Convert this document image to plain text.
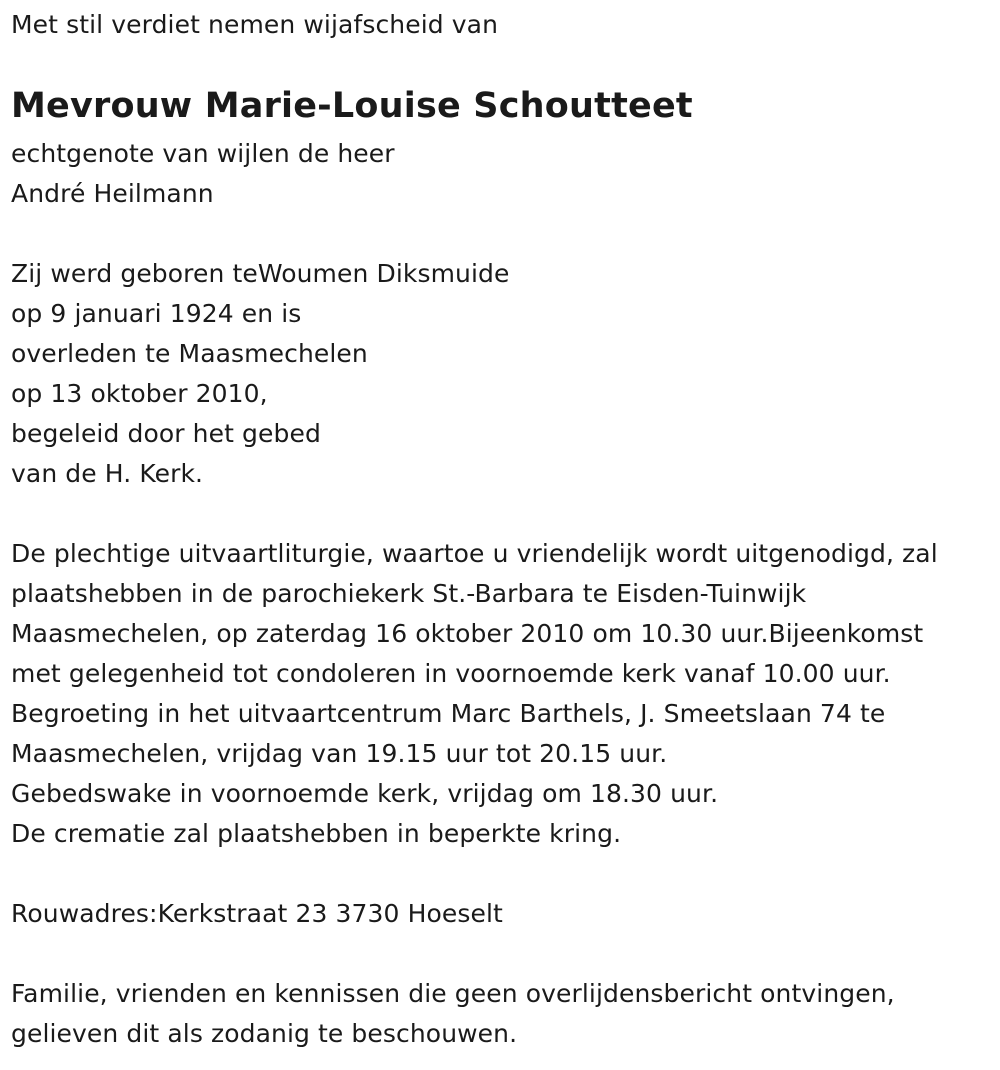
Met stil verdiet nemen wijafscheid van
Mevrouw Marie-Louise Schoutteet
echtgenote van wijlen de heer
André Heilmann
Zij werd geboren teWoumen Diksmuide
op 9 januari 1924 en is
overleden te Maasmechelen
op 13 oktober 2010,
begeleid door het gebed
van de H. Kerk.
De plechtige uitvaartliturgie, waartoe u vriendelijk wordt uitgenodigd, zal
plaatshebben in de parochiekerk St.-Barbara te Eisden-Tuinwijk
Maasmechelen, op zaterdag 16 oktober 2010 om 10.30 uur.Bijeenkomst
met gelegenheid tot condoleren in voornoemde kerk vanaf 10.00 uur.
Begroeting in het uitvaartcentrum Marc Barthels, J. Smeetslaan 74 te
Maasmechelen, vrijdag van 19.15 uur tot 20.15 uur.
Gebedswake in voornoemde kerk, vrijdag om 18.30 uur.
De crematie zal plaatshebben in beperkte kring.
Rouwadres:Kerkstraat 23 3730 Hoeselt
Familie, vrienden en kennissen die geen overlijdensbericht ontvingen,
gelieven dit als zodanig te beschouwen.
